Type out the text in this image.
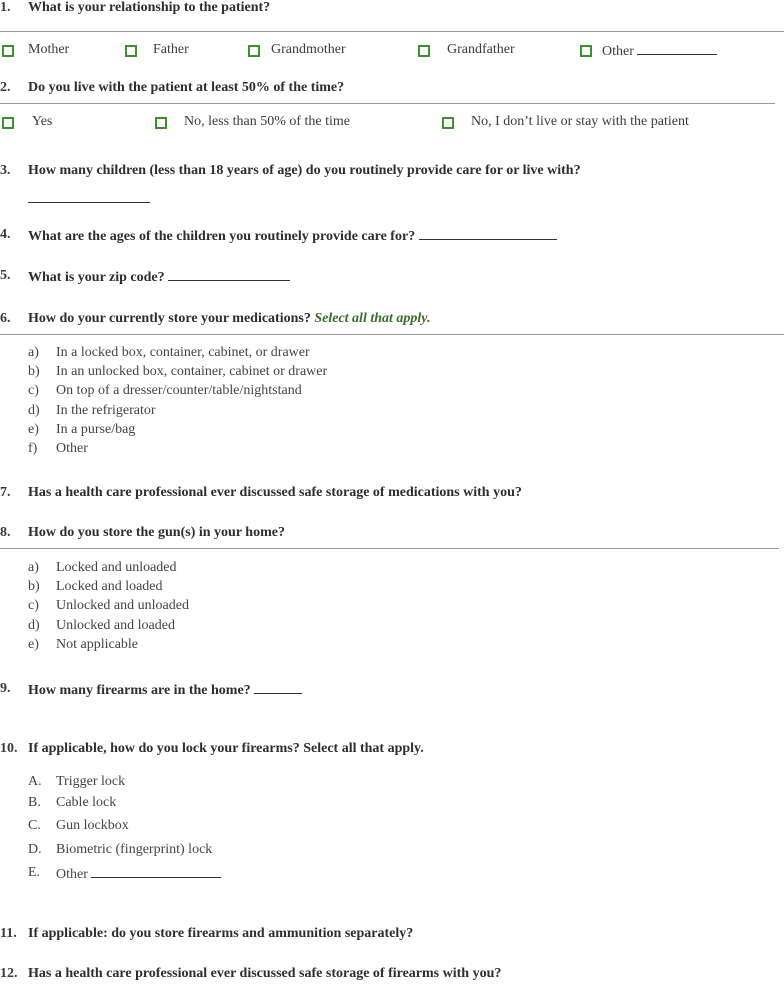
1. What is your relationship to the patient?
Mother	Father	Grandmother	Grandfather	Other
2. Do you live with the patient at least 50% of the time?
Yes	No, less than 50% of the time	No, I don’t live or stay with the patient
3. How many children (less than 18 years of age) do you routinely provide care for or live with?
4. What are the ages of the children you routinely provide care for?
5. What is your zip code?
6. How do your currently store your medications? Select all that apply.
a) In a locked box, container, cabinet, or drawer
b) In an unlocked box, container, cabinet or drawer
c) On top of a dresser/counter/table/nightstand
d) In the refrigerator
e) In a purse/bag
f) Other
7. Has a health care professional ever discussed safe storage of medications with you?
8. How do you store the gun(s) in your home?
a) Locked and unloaded
b) Locked and loaded
c) Unlocked and unloaded
d) Unlocked and loaded
e) Not applicable
9. How many firearms are in the home?
10. If applicable, how do you lock your firearms? Select all that apply.
A. Trigger lock
B. Cable lock
C. Gun lockbox
D. Biometric (fingerprint) lock
E. Other
11. If applicable: do you store firearms and ammunition separately?
12. Has a health care professional ever discussed safe storage of firearms with you?
